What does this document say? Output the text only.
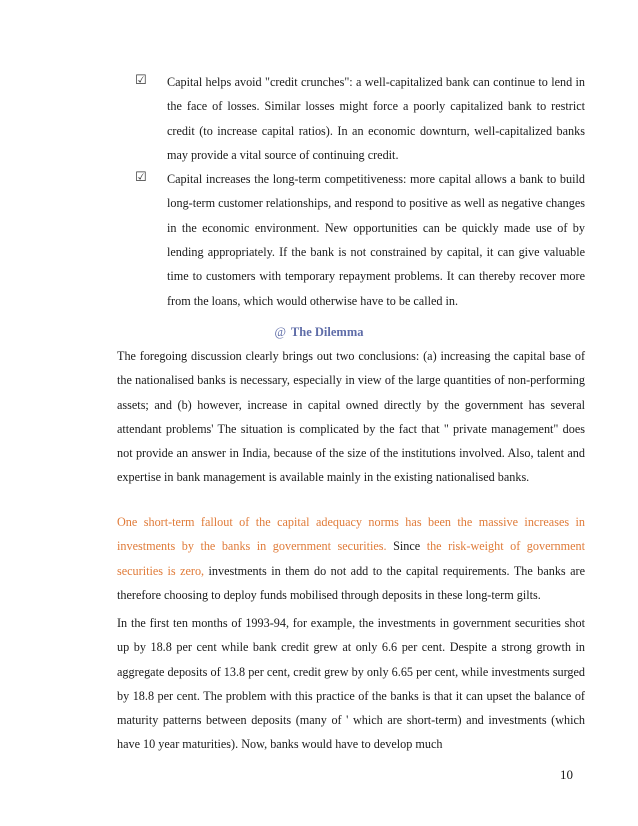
☑ Capital helps avoid "credit crunches": a well-capitalized bank can continue to lend in the face of losses. Similar losses might force a poorly capitalized bank to restrict credit (to increase capital ratios). In an economic downturn, well-capitalized banks may provide a vital source of continuing credit.
☑ Capital increases the long-term competitiveness: more capital allows a bank to build long-term customer relationships, and respond to positive as well as negative changes in the economic environment. New opportunities can be quickly made use of by lending appropriately. If the bank is not constrained by capital, it can give valuable time to customers with temporary repayment problems. It can thereby recover more from the loans, which would otherwise have to be called in.
@ The Dilemma

The foregoing discussion clearly brings out two conclusions: (a) increasing the capital base of the nationalised banks is necessary, especially in view of the large quantities of non-performing assets; and (b) however, increase in capital owned directly by the government has several attendant problems' The situation is complicated by the fact that " private management" does not provide an answer in India, because of the size of the institutions involved. Also, talent and expertise in bank management is available mainly in the existing nationalised banks.

One short-term fallout of the capital adequacy norms has been the massive increases in investments by the banks in government securities. Since the risk-weight of government securities is zero, investments in them do not add to the capital requirements. The banks are therefore choosing to deploy funds mobilised through deposits in these long-term gilts.

In the first ten months of 1993-94, for example, the investments in government securities shot up by 18.8 per cent while bank credit grew at only 6.6 per cent. Despite a strong growth in aggregate deposits of 13.8 per cent, credit grew by only 6.65 per cent, while investments surged by 18.8 per cent. The problem with this practice of the banks is that it can upset the balance of maturity patterns between deposits (many of ' which are short-term) and investments (which have 10 year maturities). Now, banks would have to develop much

10
